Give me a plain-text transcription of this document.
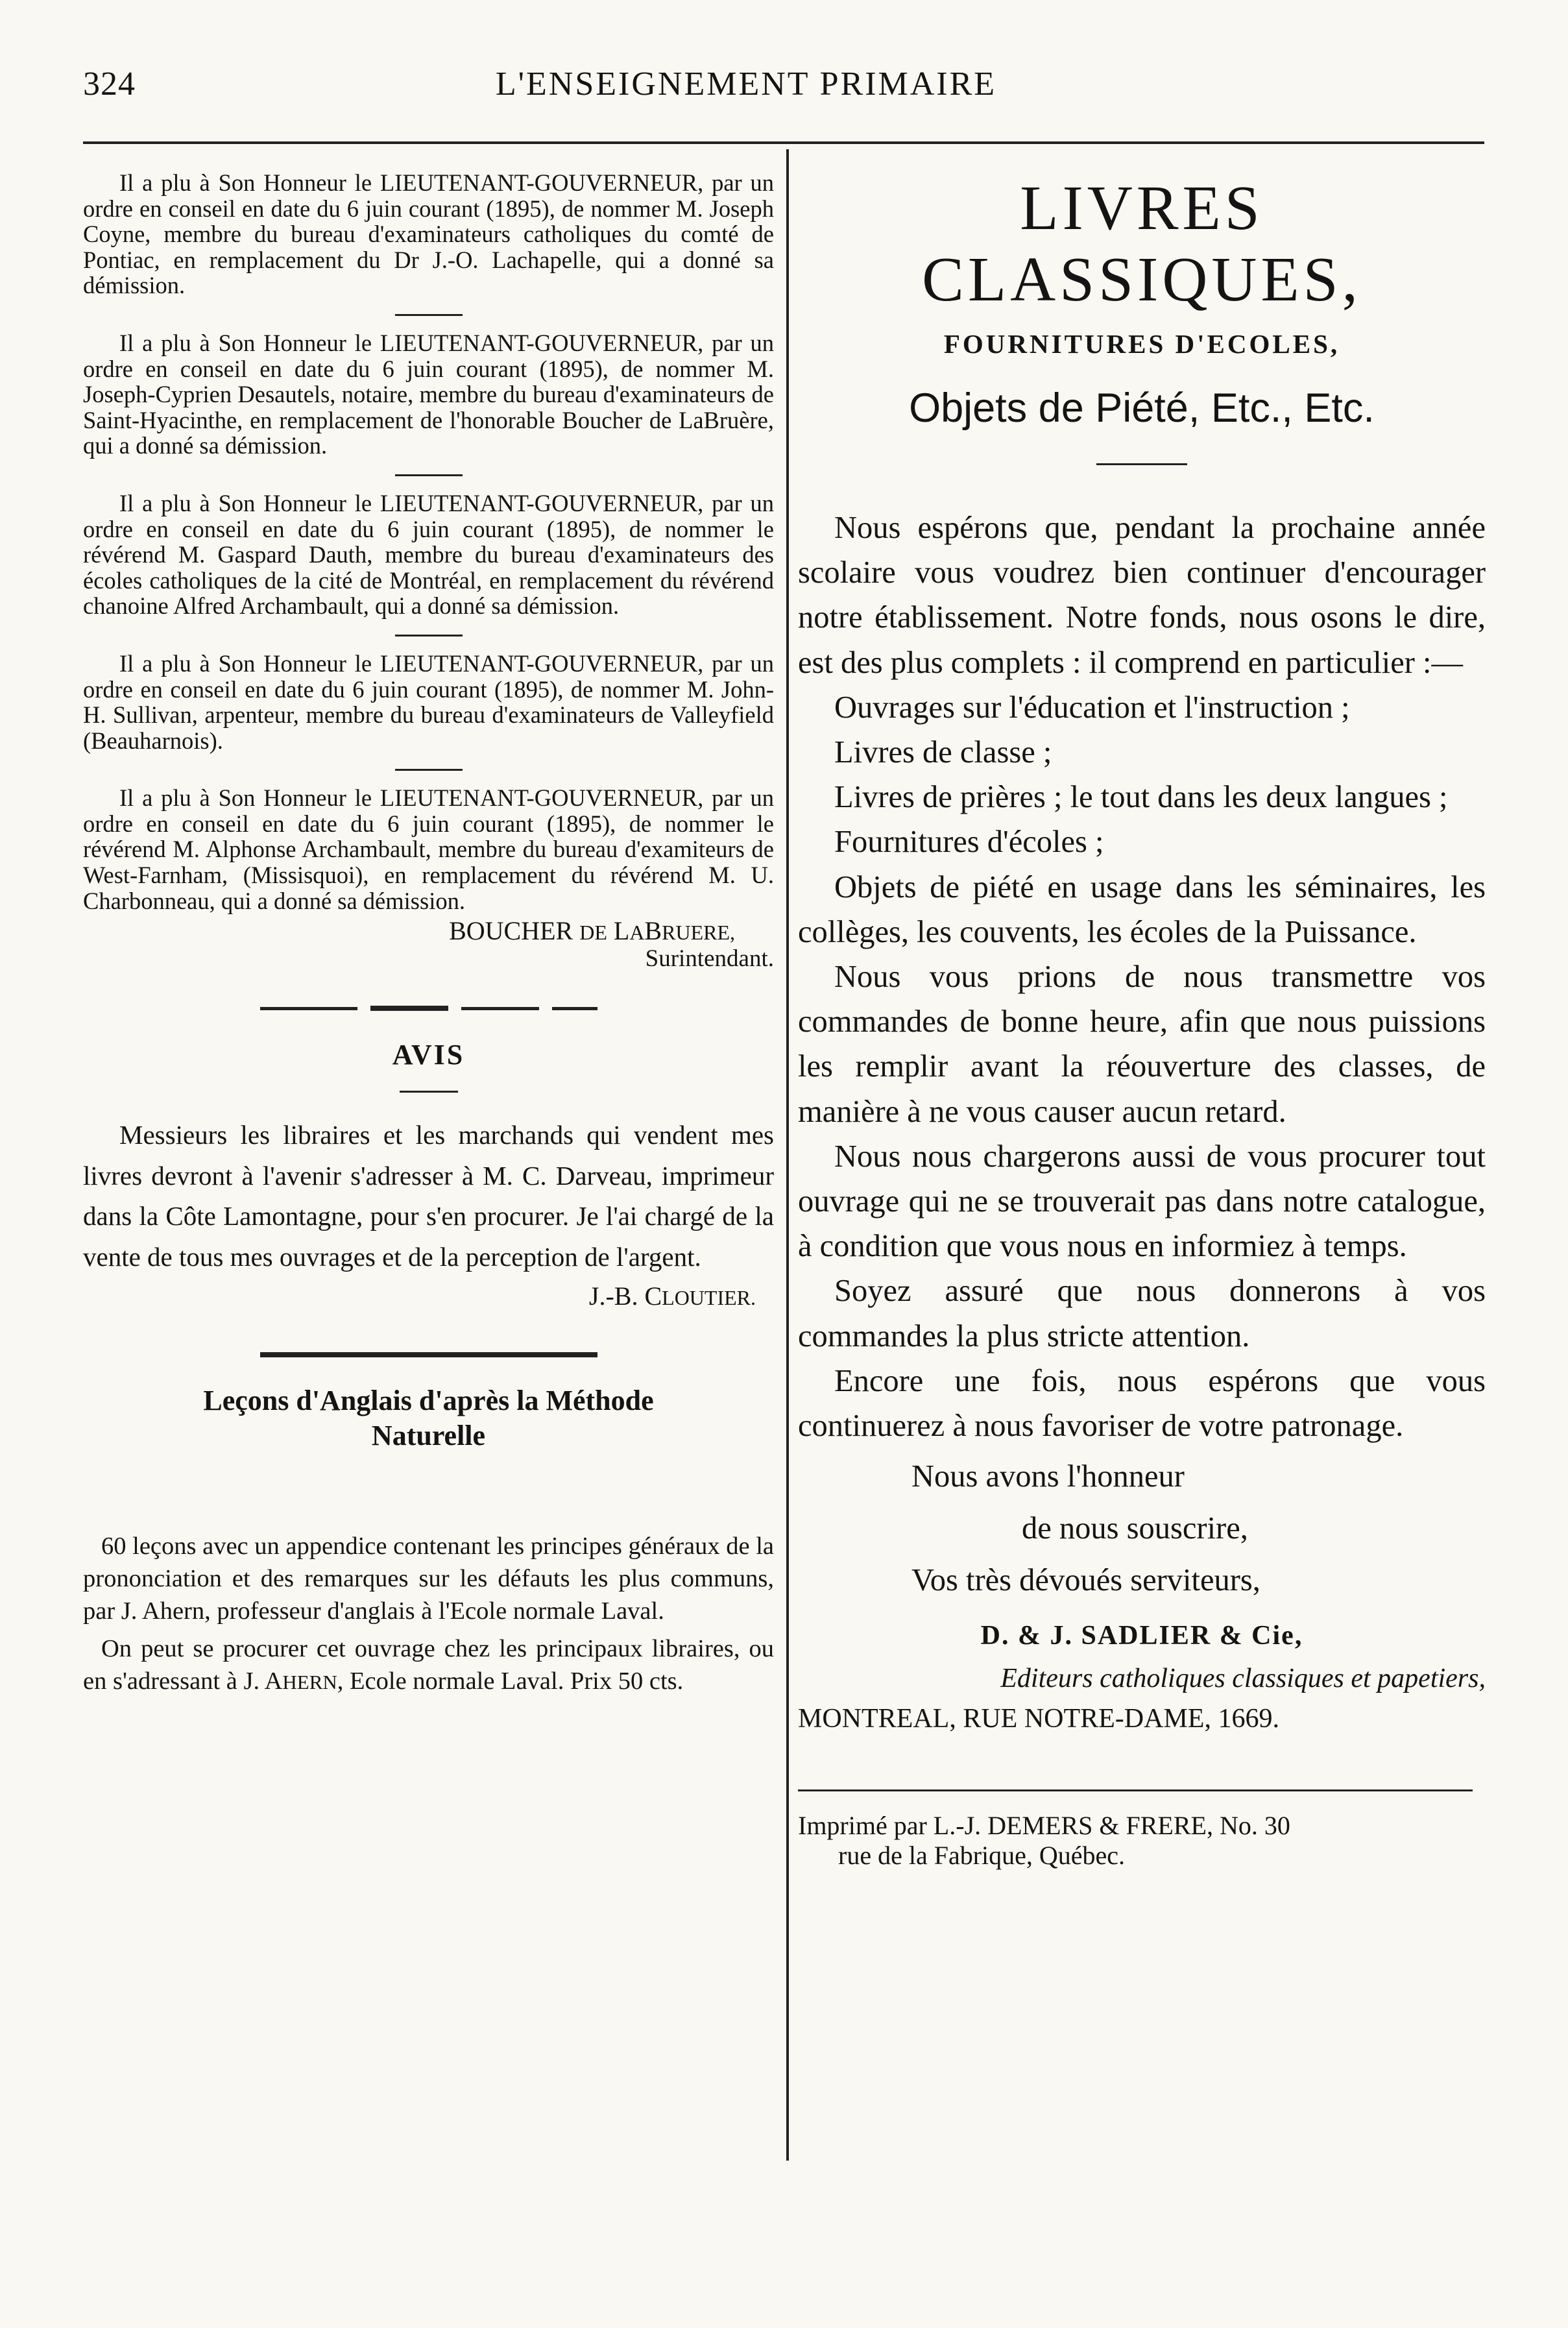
324	L'ENSEIGNEMENT PRIMAIRE

Il a plu à Son Honneur le LIEUTENANT-GOUVERNEUR, par un ordre en conseil en date du 6 juin courant (1895), de nommer M. Joseph Coyne, membre du bureau d'examinateurs catholiques du comté de Pontiac, en remplacement du Dr J.-O. Lachapelle, qui a donné sa démission.

Il a plu à Son Honneur le LIEUTENANT-GOUVERNEUR, par un ordre en conseil en date du 6 juin courant (1895), de nommer M. Joseph-Cyprien Desautels, notaire, membre du bureau d'examinateurs de Saint-Hyacinthe, en remplacement de l'honorable Boucher de LaBruère, qui a donné sa démission.

Il a plu à Son Honneur le LIEUTENANT-GOUVERNEUR, par un ordre en conseil en date du 6 juin courant (1895), de nommer le révérend M. Gaspard Dauth, membre du bureau d'examinateurs des écoles catholiques de la cité de Montréal, en remplacement du révérend chanoine Alfred Archambault, qui a donné sa démission.

Il a plu à Son Honneur le LIEUTENANT-GOUVERNEUR, par un ordre en conseil en date du 6 juin courant (1895), de nommer M. John-H. Sullivan, arpenteur, membre du bureau d'examinateurs de Valleyfield (Beauharnois).

Il a plu à Son Honneur le LIEUTENANT-GOUVERNEUR, par un ordre en conseil en date du 6 juin courant (1895), de nommer le révérend M. Alphonse Archambault, membre du bureau d'examiteurs de West-Farnham, (Missisquoi), en remplacement du révérend M. U. Charbonneau, qui a donné sa démission.

BOUCHER DE LABRUERE,

Surintendant.

AVIS

Messieurs les libraires et les marchands qui vendent mes livres devront à l'avenir s'adresser à M. C. Darveau, imprimeur dans la Côte Lamontagne, pour s'en procurer. Je l'ai chargé de la vente de tous mes ouvrages et de la perception de l'argent.

J.-B. CLOUTIER.

Leçons d'Anglais d'après la Méthode
Naturelle

60 leçons avec un appendice contenant les principes généraux de la prononciation et des remarques sur les défauts les plus communs, par J. Ahern, professeur d'anglais à l'Ecole normale Laval.

On peut se procurer cet ouvrage chez les principaux libraires, ou en s'adressant à J. AHERN, Ecole normale Laval. Prix 50 cts.

LIVRES CLASSIQUES,

FOURNITURES D'ECOLES,

Objets de Piété, Etc., Etc.

Nous espérons que, pendant la prochaine année scolaire vous voudrez bien continuer d'encourager notre établissement. Notre fonds, nous osons le dire, est des plus complets : il comprend en particulier :—

Ouvrages sur l'éducation et l'instruction ;

Livres de classe ;

Livres de prières ; le tout dans les deux langues ;

Fournitures d'écoles ;

Objets de piété en usage dans les séminaires, les collèges, les couvents, les écoles de la Puissance.

Nous vous prions de nous transmettre vos commandes de bonne heure, afin que nous puissions les remplir avant la réouverture des classes, de manière à ne vous causer aucun retard.

Nous nous chargerons aussi de vous procurer tout ouvrage qui ne se trouverait pas dans notre catalogue, à condition que vous nous en informiez à temps.

Soyez assuré que nous donnerons à vos commandes la plus stricte attention.

Encore une fois, nous espérons que vous continuerez à nous favoriser de votre patronage.

Nous avons l'honneur

de nous souscrire,

Vos très dévoués serviteurs,

D. & J. SADLIER & Cie,

Editeurs catholiques classiques et papetiers,

MONTREAL, RUE NOTRE-DAME, 1669.

Imprimé par L.-J. DEMERS & FRERE, No. 30

rue de la Fabrique, Québec.
